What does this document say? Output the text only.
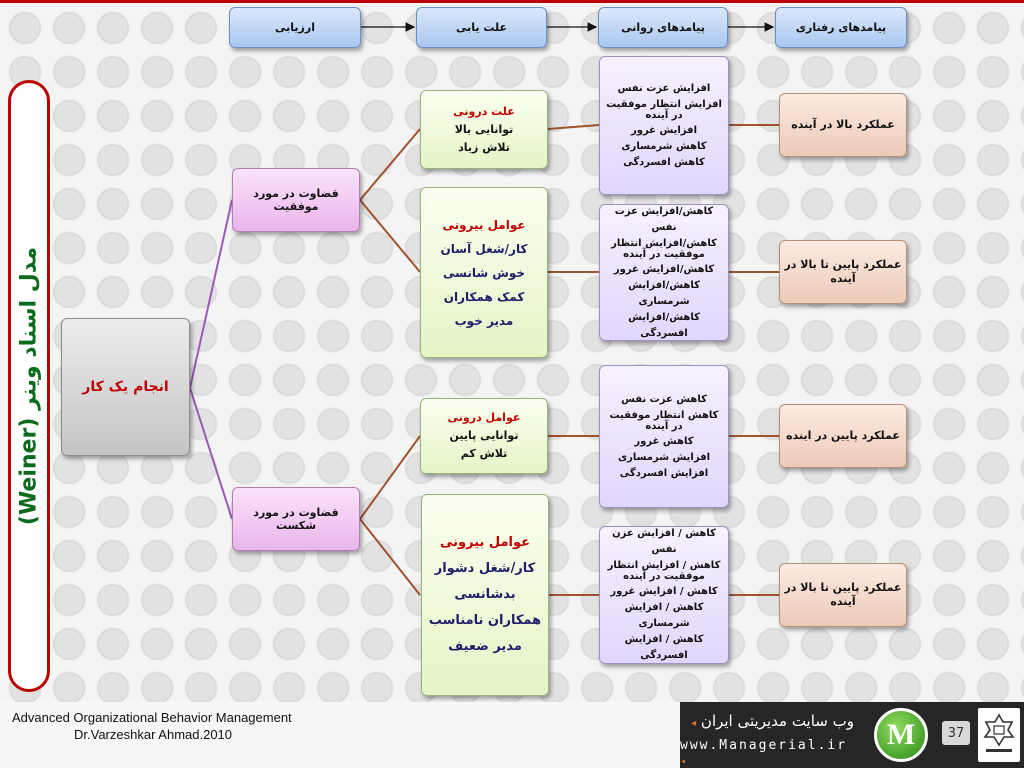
ارزیابی	علت یابی	پیامدهای روانی	پیامدهای رفتاری
مدل اسناد وینر (Weiner)	انجام یک کار
قضاوت در مورد موفقیت
قضاوت در مورد شکست
علت درونی
توانایی بالا
تلاش زیاد
عوامل بیرونی
کار/شغل آسان
خوش شانسی
کمک همکاران
مدیر خوب
عوامل درونی
توانایی پایین
تلاش کم
عوامل بیرونی
کار/شغل دشوار
بدشانسی
همکاران نامناسب
مدیر ضعیف
افزایش عزت نفس
افزایش انتظار موفقیت در آینده
افزایش غرور
کاهش شرمساری
کاهش افسردگی
کاهش/افزایش عزت نفس
کاهش/افزایش انتظار موفقیت در آینده
کاهش/افزایش غرور
کاهش/افزایش شرمساری
کاهش/افزایش افسردگی
کاهش عزت نفس
کاهش انتظار موفقیت در آینده
کاهش غرور
افزایش شرمساری
افزایش افسردگی
کاهش / افزایش عزن نفس
کاهش / افزایش انتظار موفقیت در آینده
کاهش / افزایش غرور
کاهش / افزایش شرمساری
کاهش / افزایش افسردگی
عملکرد بالا در آینده
عملکرد پایین تا بالا در آینده
عملکرد پایین در اینده
عملکرد پایین تا بالا در آینده
Advanced Organizational Behavior Management
Dr.Varzeshkar Ahmad.2010
وب سایت مدیریتی ایران ◂
www.Managerial.ir ◂
M	37
